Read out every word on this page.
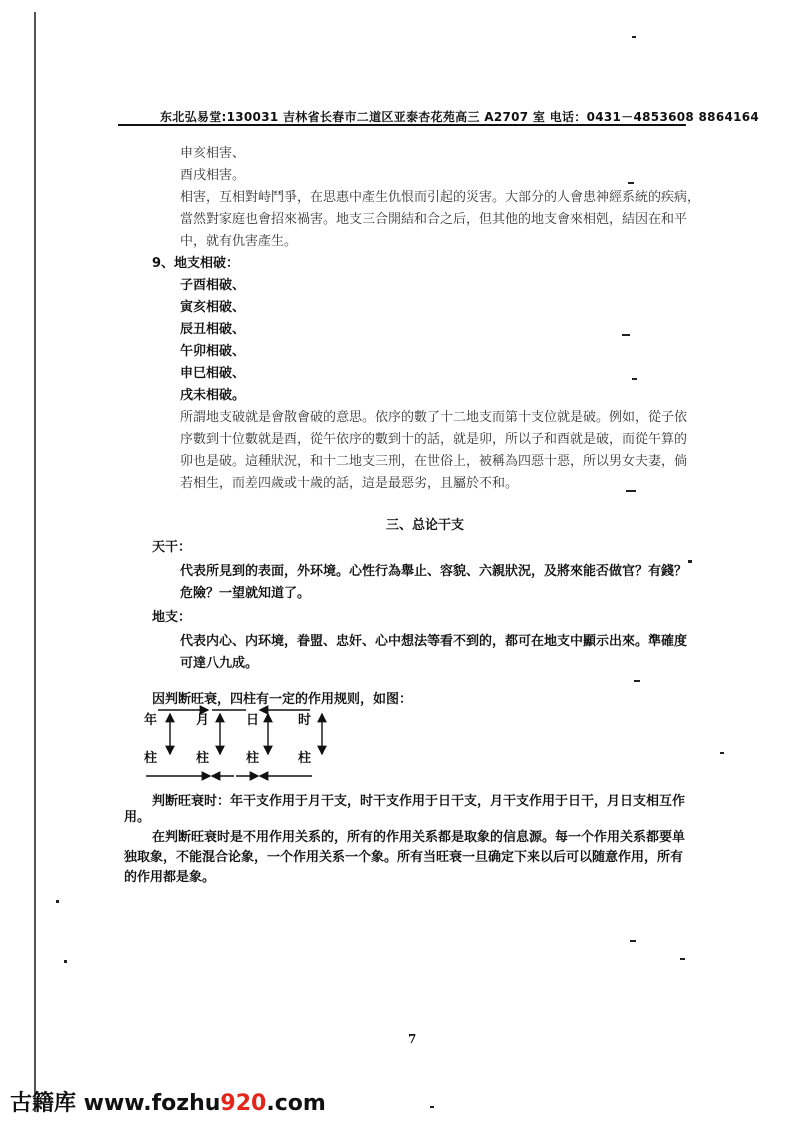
东北弘易堂:130031 吉林省长春市二道区亚泰杏花苑高三 A2707 室 电话：0431－4853608 8864164
申亥相害、
酉戌相害。
相害，互相對峙鬥爭，在思惠中產生仇恨而引起的災害。大部分的人會患神經系統的疾病，
當然對家庭也會招來禍害。地支三合開結和合之后，但其他的地支會來相剋，結因在和平
中，就有仇害產生。
9、地支相破：
子酉相破、
寅亥相破、
辰丑相破、
午卯相破、
申巳相破、
戌未相破。
所謂地支破就是會散會破的意思。依序的數了十二地支而第十支位就是破。例如，從子依
序數到十位數就是酉，從午依序的數到十的話，就是卯，所以子和酉就是破，而從午算的
卯也是破。這種狀況，和十二地支三刑，在世俗上，被稱為四惡十惡，所以男女夫妻，倘
若相生，而差四歲或十歲的話，這是最惡劣，且屬於不和。
三、总论干支
天干：
代表所見到的表面，外环境。心性行為舉止、容貌、六親狀況，及將來能否做官？有錢？
危險？一望就知道了。
地支：
代表内心、内环境，眷盟、忠奸、心中想法等看不到的，都可在地支中顯示出來。準確度
可達八九成。
因判断旺衰，四柱有一定的作用规则，如图：
年	月	日	时
柱	柱	柱	柱
判断旺衰时：年干支作用于月干支，时干支作用于日干支，月干支作用于日干，月日支相互作
用。
在判断旺衰时是不用作用关系的，所有的作用关系都是取象的信息源。每一个作用关系都要单
独取象，不能混合论象，一个作用关系一个象。所有当旺衰一旦确定下来以后可以随意作用，所有
的作用都是象。
7
古籍库 www.fozhu920.com
